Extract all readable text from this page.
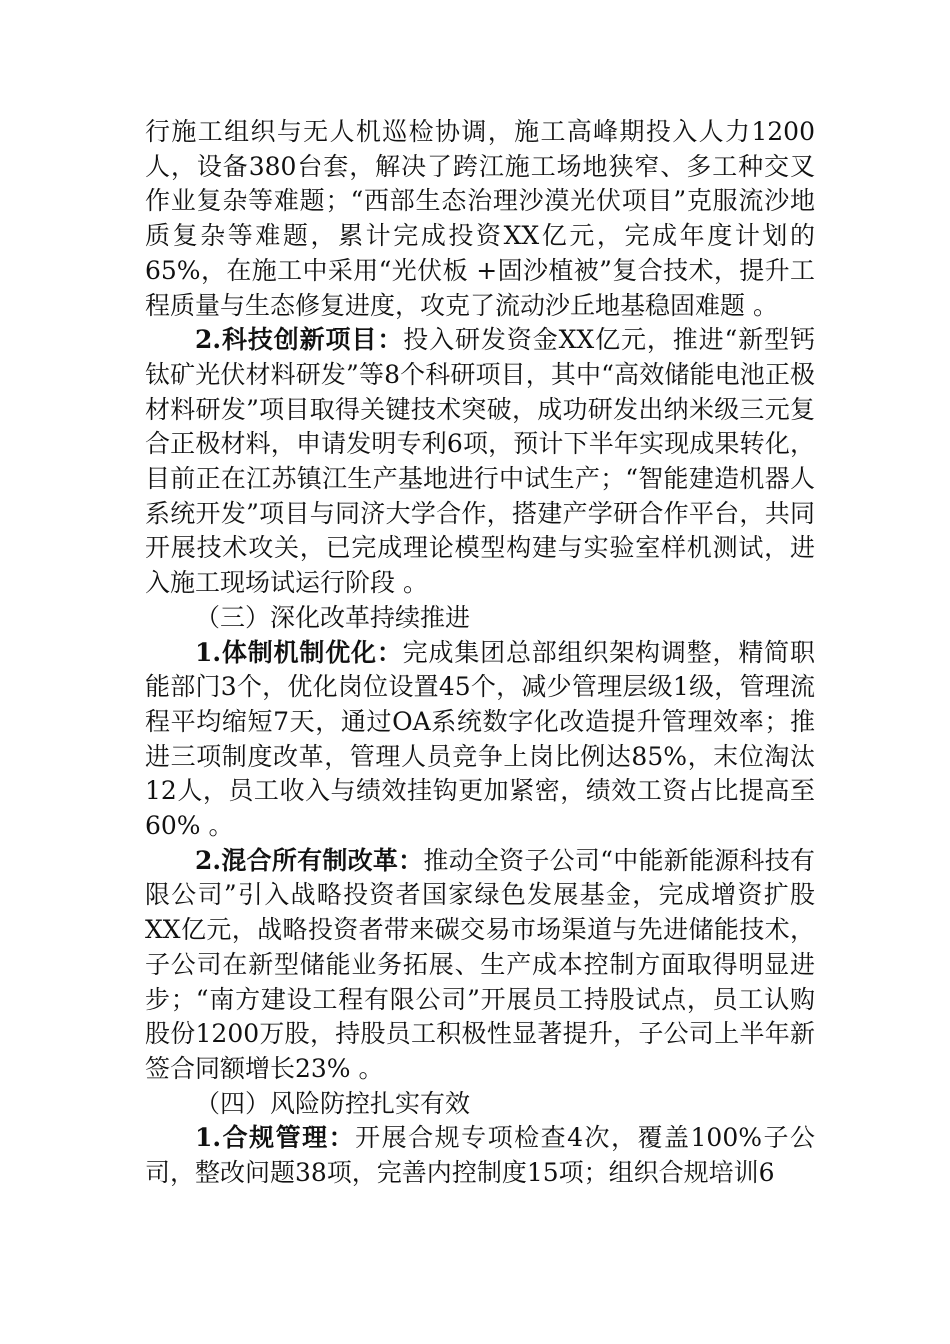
行施工组织与无人机巡检协调，施工高峰期投入人力1200人，设备380台套，解决了跨江施工场地狭窄、多工种交叉作业复杂等难题；“西部生态治理沙漠光伏项目”克服流沙地质复杂等难题，累计完成投资XX亿元，完成年度计划的65%，在施工中采用“光伏板 +固沙植被”复合技术，提升工程质量与生态修复进度，攻克了流动沙丘地基稳固难题 。

2.科技创新项目：投入研发资金XX亿元，推进“新型钙钛矿光伏材料研发”等8个科研项目，其中“高效储能电池正极材料研发”项目取得关键技术突破，成功研发出纳米级三元复合正极材料，申请发明专利6项，预计下半年实现成果转化，目前正在江苏镇江生产基地进行中试生产；“智能建造机器人系统开发”项目与同济大学合作，搭建产学研合作平台，共同开展技术攻关，已完成理论模型构建与实验室样机测试，进入施工现场试运行阶段 。

（三）深化改革持续推进

1.体制机制优化：完成集团总部组织架构调整，精简职能部门3个，优化岗位设置45个，减少管理层级1级，管理流程平均缩短7天，通过OA系统数字化改造提升管理效率；推进三项制度改革，管理人员竞争上岗比例达85%，末位淘汰12人，员工收入与绩效挂钩更加紧密，绩效工资占比提高至60% 。

2.混合所有制改革：推动全资子公司“中能新能源科技有限公司”引入战略投资者国家绿色发展基金，完成增资扩股XX亿元，战略投资者带来碳交易市场渠道与先进储能技术，子公司在新型储能业务拓展、生产成本控制方面取得明显进步；“南方建设工程有限公司”开展员工持股试点，员工认购股份1200万股，持股员工积极性显著提升，子公司上半年新签合同额增长23% 。

（四）风险防控扎实有效

1.合规管理：开展合规专项检查4次，覆盖100%子公司，整改问题38项，完善内控制度15项；组织合规培训6
